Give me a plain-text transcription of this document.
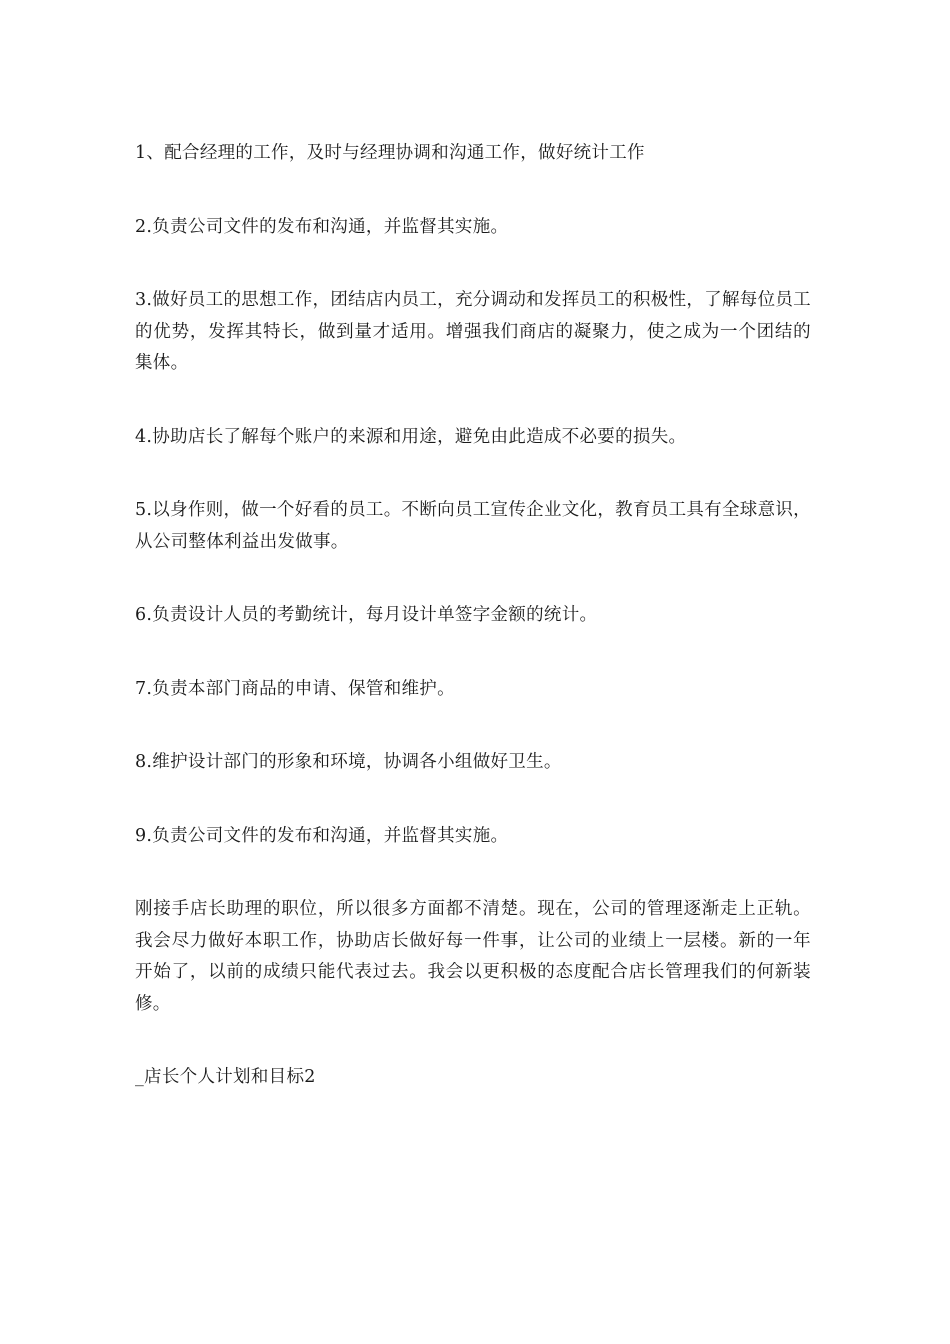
1、配合经理的工作，及时与经理协调和沟通工作，做好统计工作

2.负责公司文件的发布和沟通，并监督其实施。

3.做好员工的思想工作，团结店内员工，充分调动和发挥员工的积极性，了解每位员工的优势，发挥其特长，做到量才适用。增强我们商店的凝聚力，使之成为一个团结的集体。

4.协助店长了解每个账户的来源和用途，避免由此造成不必要的损失。

5.以身作则，做一个好看的员工。不断向员工宣传企业文化，教育员工具有全球意识，从公司整体利益出发做事。

6.负责设计人员的考勤统计，每月设计单签字金额的统计。

7.负责本部门商品的申请、保管和维护。

8.维护设计部门的形象和环境，协调各小组做好卫生。

9.负责公司文件的发布和沟通，并监督其实施。

刚接手店长助理的职位，所以很多方面都不清楚。现在，公司的管理逐渐走上正轨。我会尽力做好本职工作，协助店长做好每一件事，让公司的业绩上一层楼。新的一年开始了，以前的成绩只能代表过去。我会以更积极的态度配合店长管理我们的何新装修。

_店长个人计划和目标2
